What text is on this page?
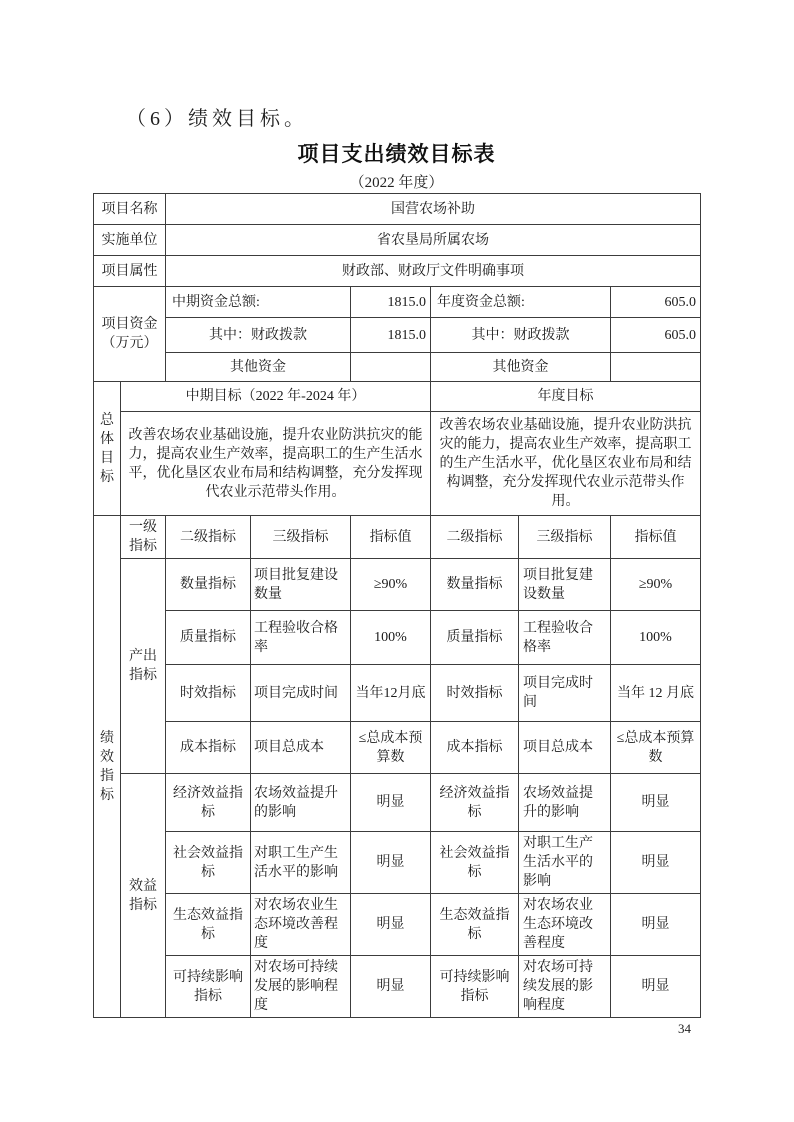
（6）绩效目标。
项目支出绩效目标表
（2022 年度）
项目名称		国营农场补助					
实施单位		省农垦局所属农场					
项目属性		财政部、财政厅文件明确事项					
项目资金（万元）		中期资金总额:		1815.0	年度资金总额:		605.0
		其中：财政拨款		1815.0	其中：财政拨款		605.0
		其他资金			其他资金		
总体目标	中期目标（2022 年-2024 年）				年度目标		
	改善农场农业基础设施，提升农业防洪抗灾的能力，提高农业生产效率，提高职工的生产生活水平，优化垦区农业布局和结构调整，充分发挥现代农业示范带头作用。				改善农场农业基础设施，提升农业防洪抗灾的能力，提高农业生产效率，提高职工的生产生活水平，优化垦区农业布局和结构调整，充分发挥现代农业示范带头作用。		
绩效指标	一级指标	二级指标	三级指标	指标值	二级指标	三级指标	指标值
	产出指标	数量指标	项目批复建设数量	≥90%	数量指标	项目批复建设数量	≥90%
		质量指标	工程验收合格率	100%	质量指标	工程验收合格率	100%
		时效指标	项目完成时间	当年12月底	时效指标	项目完成时间	当年 12 月底
		成本指标	项目总成本	≤总成本预算数	成本指标	项目总成本	≤总成本预算数
	效益指标	经济效益指标	农场效益提升的影响	明显	经济效益指标	农场效益提升的影响	明显
		社会效益指标	对职工生产生活水平的影响	明显	社会效益指标	对职工生产生活水平的影响	明显
		生态效益指标	对农场农业生态环境改善程度	明显	生态效益指标	对农场农业生态环境改善程度	明显
		可持续影响指标	对农场可持续发展的影响程度	明显	可持续影响指标	对农场可持续发展的影响程度	明显
34
